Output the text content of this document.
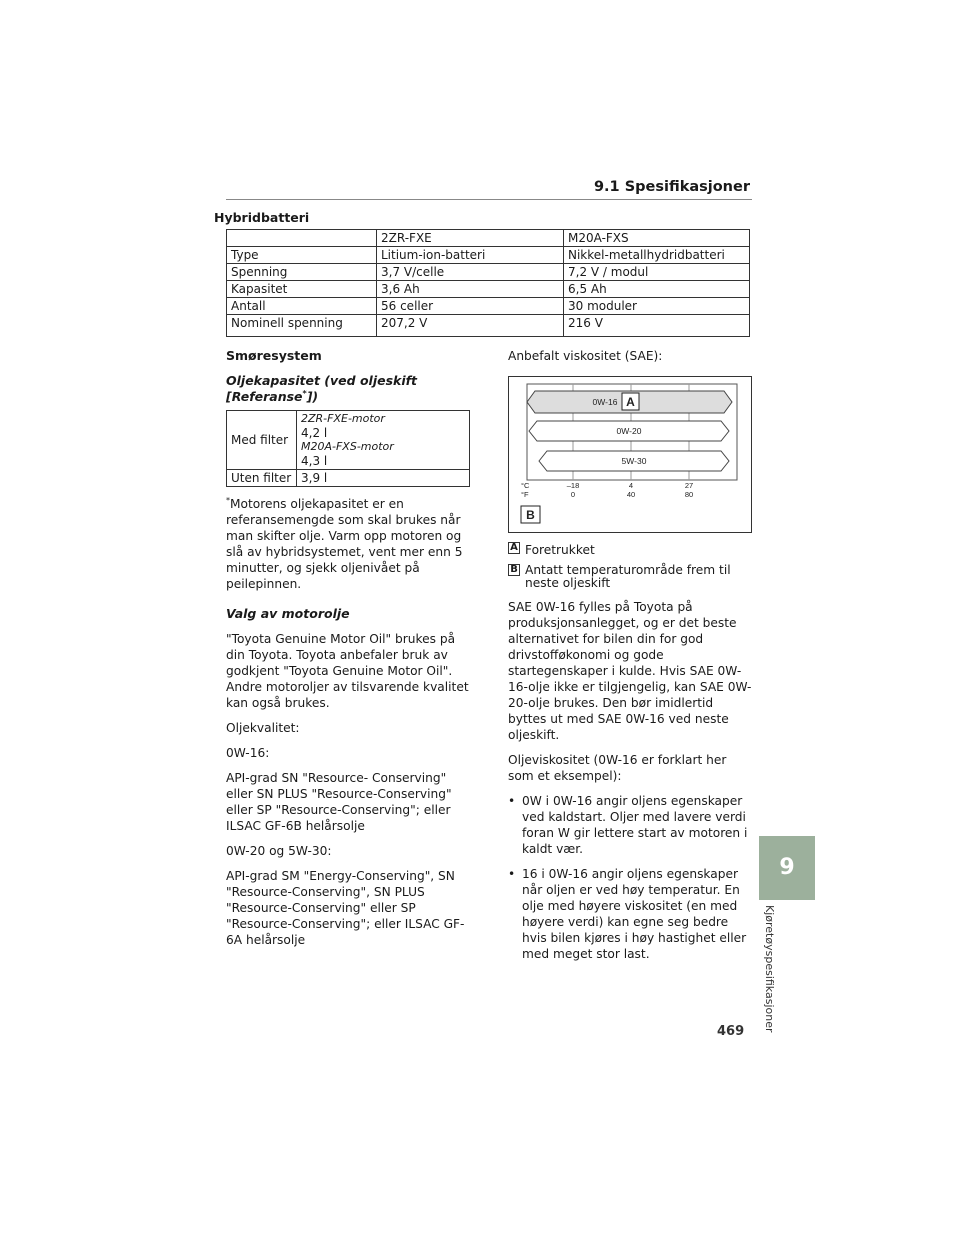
9.1 Spesifikasjoner
9
Kjøretøyspesifikasjoner
469
Hybridbatteri
	2ZR-FXE	M20A-FXS
Type	Litium-ion-batteri	Nikkel-metallhydridbatteri
Spenning	3,7 V/celle	7,2 V / modul
Kapasitet	3,6 Ah	6,5 Ah
Antall	56 celler	30 moduler
Nominell spenning	207,2 V	216 V
Smøresystem
Oljekapasitet (ved oljeskift [Referanse*])
Med filter	2ZR-FXE-motor
4,2 l
M20A-FXS-motor
4,3 l

Uten filter	3,9 l
*Motorens oljekapasitet er en referansemengde som skal brukes når man skifter olje. Varm opp motoren og slå av hybridsystemet, vent mer enn 5 minutter, og sjekk oljenivået på peilepinnen.
Valg av motorolje
"Toyota Genuine Motor Oil" brukes på din Toyota. Toyota anbefaler bruk av godkjent "Toyota Genuine Motor Oil". Andre motoroljer av tilsvarende kvalitet kan også brukes.
Oljekvalitet:
0W-16:
API-grad SN "Resource- Conserving" eller SN PLUS "Resource-Conserving" eller SP "Resource-Conserving"; eller ILSAC GF-6B helårsolje
0W-20 og 5W-30:
API-grad SM "Energy-Conserving", SN "Resource-Conserving", SN PLUS "Resource-Conserving" eller SP "Resource-Conserving"; eller ILSAC GF-6A helårsolje
Anbefalt viskositet (SAE):
0W-16 A
0W-20
5W-30
°C
°F
–18	4	27
0	40	80
B
A Foretrukket
B Antatt temperaturområde frem til neste oljeskift
SAE 0W-16 fylles på Toyota på produksjonsanlegget, og er det beste alternativet for bilen din for god drivstofføkonomi og gode startegenskaper i kulde. Hvis SAE 0W-16-olje ikke er tilgjengelig, kan SAE 0W-20-olje brukes. Den bør imidlertid byttes ut med SAE 0W-16 ved neste oljeskift.
Oljeviskositet (0W-16 er forklart her som et eksempel):
• 0W i 0W-16 angir oljens egenskaper ved kaldstart. Oljer med lavere verdi foran W gir lettere start av motoren i kaldt vær.
• 16 i 0W-16 angir oljens egenskaper når oljen er ved høy temperatur. En olje med høyere viskositet (en med høyere verdi) kan egne seg bedre hvis bilen kjøres i høy hastighet eller med meget stor last.
